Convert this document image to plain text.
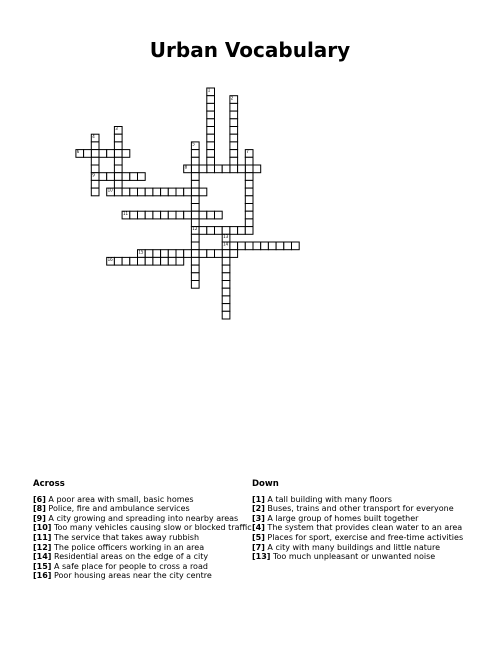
Urban Vocabulary
1
2
3
4
9
5
12
6	7
8
10
11
13
14
15
16
Across
[6] A poor area with small, basic homes
[8] Police, fire and ambulance services
[9] A city growing and spreading into nearby areas
[10] Too many vehicles causing slow or blocked traffic
[11] The service that takes away rubbish
[12] The police officers working in an area
[14] Residential areas on the edge of a city
[15] A safe place for people to cross a road
[16] Poor housing areas near the city centre
Down
[1] A tall building with many floors
[2] Buses, trains and other transport for everyone
[3] A large group of homes built together
[4] The system that provides clean water to an area
[5] Places for sport, exercise and free-time activities
[7] A city with many buildings and little nature
[13] Too much unpleasant or unwanted noise
